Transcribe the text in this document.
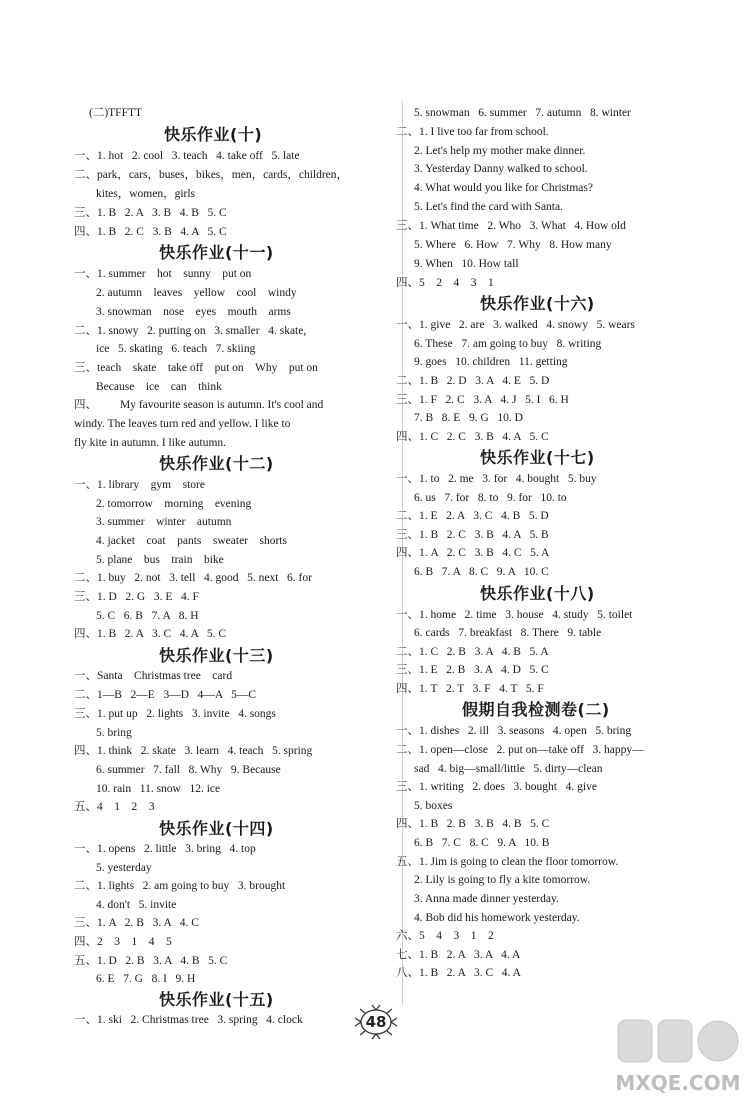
(二)TFFTT
快乐作业(十)
一、1. hot   2. cool   3. teach   4. take off   5. late
二、park，cars，buses，bikes，men，cards，children，
kites，women，girls
三、1. B   2. A   3. B   4. B   5. C
四、1. B   2. C   3. B   4. A   5. C
快乐作业(十一)
一、1. summer    hot    sunny    put on
2. autumn    leaves    yellow    cool    windy
3. snowman    nose    eyes    mouth    arms
二、1. snowy   2. putting on   3. smaller   4. skate,
ice   5. skating   6. teach   7. skiing
三、teach    skate    take off    put on    Why    put on
Because    ice    can    think
四、        My favourite season is autumn. It's cool and
windy. The leaves turn red and yellow. I like to
fly kite in autumn. I like autumn.
快乐作业(十二)
一、1. library    gym    store
2. tomorrow    morning    evening
3. summer    winter    autumn
4. jacket    coat    pants    sweater    shorts
5. plane    bus    train    bike
二、1. buy   2. not   3. tell   4. good   5. next   6. for
三、1. D   2. G   3. E   4. F
5. C   6. B   7. A   8. H
四、1. B   2. A   3. C   4. A   5. C
快乐作业(十三)
一、Santa    Christmas tree    card
二、1—B   2—E   3—D   4—A   5—C
三、1. put up   2. lights   3. invite   4. songs
5. bring
四、1. think   2. skate   3. learn   4. teach   5. spring
6. summer   7. fall   8. Why   9. Because
10. rain   11. snow   12. ice
五、4    1    2    3
快乐作业(十四)
一、1. opens   2. little   3. bring   4. top
5. yesterday
二、1. lights   2. am going to buy   3. brought
4. don't   5. invite
三、1. A   2. B   3. A   4. C
四、2    3    1    4    5
五、1. D   2. B   3. A   4. B   5. C
6. E   7. G   8. I   9. H
快乐作业(十五)
一、1. ski   2. Christmas tree   3. spring   4. clock
5. snowman   6. summer   7. autumn   8. winter
二、1. I live too far from school.
2. Let's help my mother make dinner.
3. Yesterday Danny walked to school.
4. What would you like for Christmas?
5. Let's find the card with Santa.
三、1. What time   2. Who   3. What   4. How old
5. Where   6. How   7. Why   8. How many
9. When   10. How tall
四、5    2    4    3    1
快乐作业(十六)
一、1. give   2. are   3. walked   4. snowy   5. wears
6. These   7. am going to buy   8. writing
9. goes   10. children   11. getting
二、1. B   2. D   3. A   4. E   5. D
三、1. F   2. C   3. A   4. J   5. I   6. H
7. B   8. E   9. G   10. D
四、1. C   2. C   3. B   4. A   5. C
快乐作业(十七)
一、1. to   2. me   3. for   4. bought   5. buy
6. us   7. for   8. to   9. for   10. to
二、1. E   2. A   3. C   4. B   5. D
三、1. B   2. C   3. B   4. A   5. B
四、1. A   2. C   3. B   4. C   5. A
6. B   7. A   8. C   9. A   10. C
快乐作业(十八)
一、1. home   2. time   3. house   4. study   5. toilet
6. cards   7. breakfast   8. There   9. table
二、1. C   2. B   3. A   4. B   5. A
三、1. E   2. B   3. A   4. D   5. C
四、1. T   2. T   3. F   4. T   5. F
假期自我检测卷(二)
一、1. dishes   2. ill   3. seasons   4. open   5. bring
二、1. open—close   2. put on—take off   3. happy—
sad   4. big—small/little   5. dirty—clean
三、1. writing   2. does   3. bought   4. give
5. boxes
四、1. B   2. B   3. B   4. B   5. C
6. B   7. C   8. C   9. A   10. B
五、1. Jim is going to clean the floor tomorrow.
2. Lily is going to fly a kite tomorrow.
3. Anna made dinner yesterday.
4. Bob did his homework yesterday.
六、5    4    3    1    2
七、1. B   2. A   3. A   4. A
八、1. B   2. A   3. C   4. A
48
MXQE.COM
